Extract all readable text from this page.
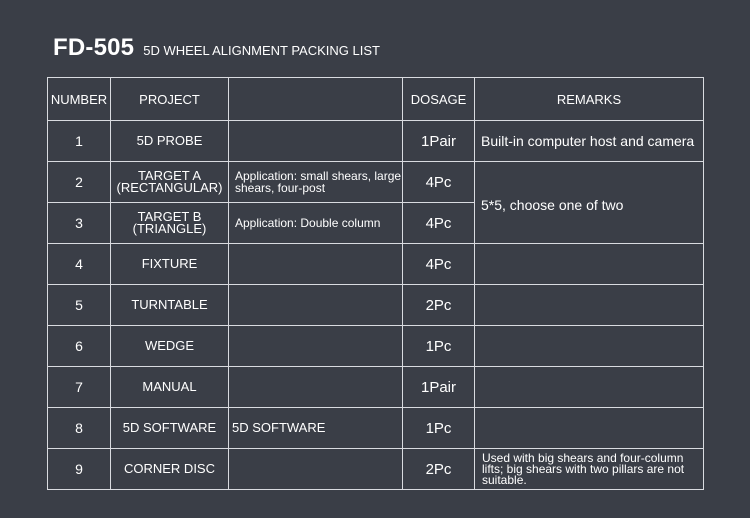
FD-505 5D WHEEL ALIGNMENT PACKING LIST
NUMBER	PROJECT		DOSAGE	REMARKS
1	5D PROBE		1Pair	Built-in computer host and camera
2	TARGET A (RECTANGULAR)	Application: small shears, large shears, four-post	4Pc	5*5, choose one of two
3	TARGET B (TRIANGLE)	Application: Double column	4Pc	
4	FIXTURE		4Pc	
5	TURNTABLE		2Pc	
6	WEDGE		1Pc	
7	MANUAL		1Pair	
8	5D SOFTWARE	5D SOFTWARE	1Pc	
9	CORNER DISC		2Pc	Used with big shears and four-column lifts; big shears with two pillars are not suitable.
